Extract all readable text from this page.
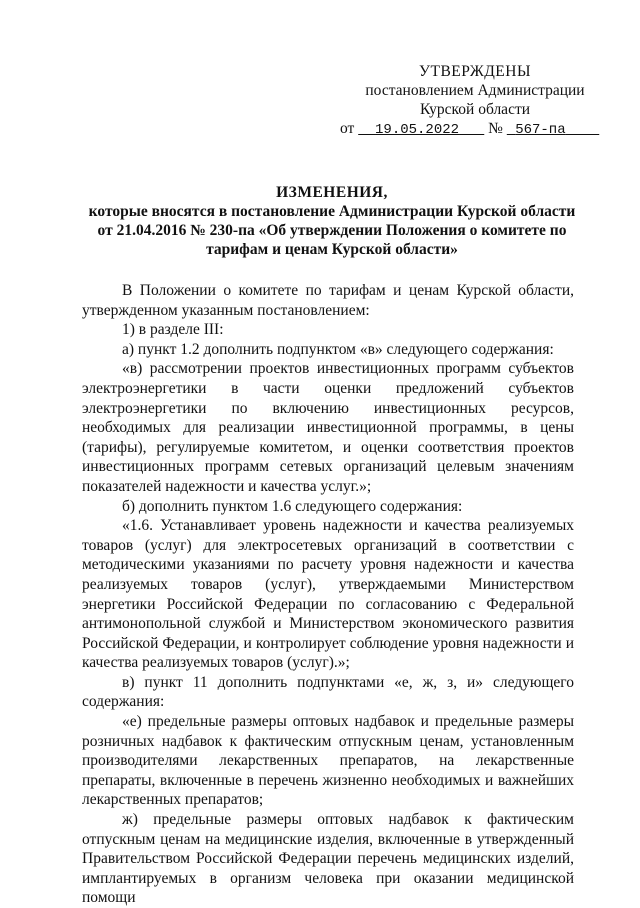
УТВЕРЖДЕНЫ
постановлением Администрации
Курской области
от 19.05.2022 № 567-па
ИЗМЕНЕНИЯ,
которые вносятся в постановление Администрации Курской области
от 21.04.2016 № 230-па «Об утверждении Положения о комитете по
тарифам и ценам Курской области»

В Положении о комитете по тарифам и ценам Курской области, утвержденном указанным постановлением:

1) в разделе III:

а) пункт 1.2 дополнить подпунктом «в» следующего содержания:

«в) рассмотрении проектов инвестиционных программ субъектов электроэнергетики в части оценки предложений субъектов электроэнергетики по включению инвестиционных ресурсов, необходимых для реализации инвестиционной программы, в цены (тарифы), регулируемые комитетом, и оценки соответствия проектов инвестиционных программ сетевых организаций целевым значениям показателей надежности и качества услуг.»;

б) дополнить пунктом 1.6 следующего содержания:

«1.6. Устанавливает уровень надежности и качества реализуемых товаров (услуг) для электросетевых организаций в соответствии с методическими указаниями по расчету уровня надежности и качества реализуемых товаров (услуг), утверждаемыми Министерством энергетики Российской Федерации по согласованию с Федеральной антимонопольной службой и Министерством экономического развития Российской Федерации, и контролирует соблюдение уровня надежности и качества реализуемых товаров (услуг).»;

в) пункт 11 дополнить подпунктами «е, ж, з, и» следующего содержания:

«е) предельные размеры оптовых надбавок и предельные размеры розничных надбавок к фактическим отпускным ценам, установленным производителями лекарственных препаратов, на лекарственные препараты, включенные в перечень жизненно необходимых и важнейших лекарственных препаратов;

ж) предельные размеры оптовых надбавок к фактическим отпускным ценам на медицинские изделия, включенные в утвержденный Правительством Российской Федерации перечень медицинских изделий, имплантируемых в организм человека при оказании медицинской помощи
